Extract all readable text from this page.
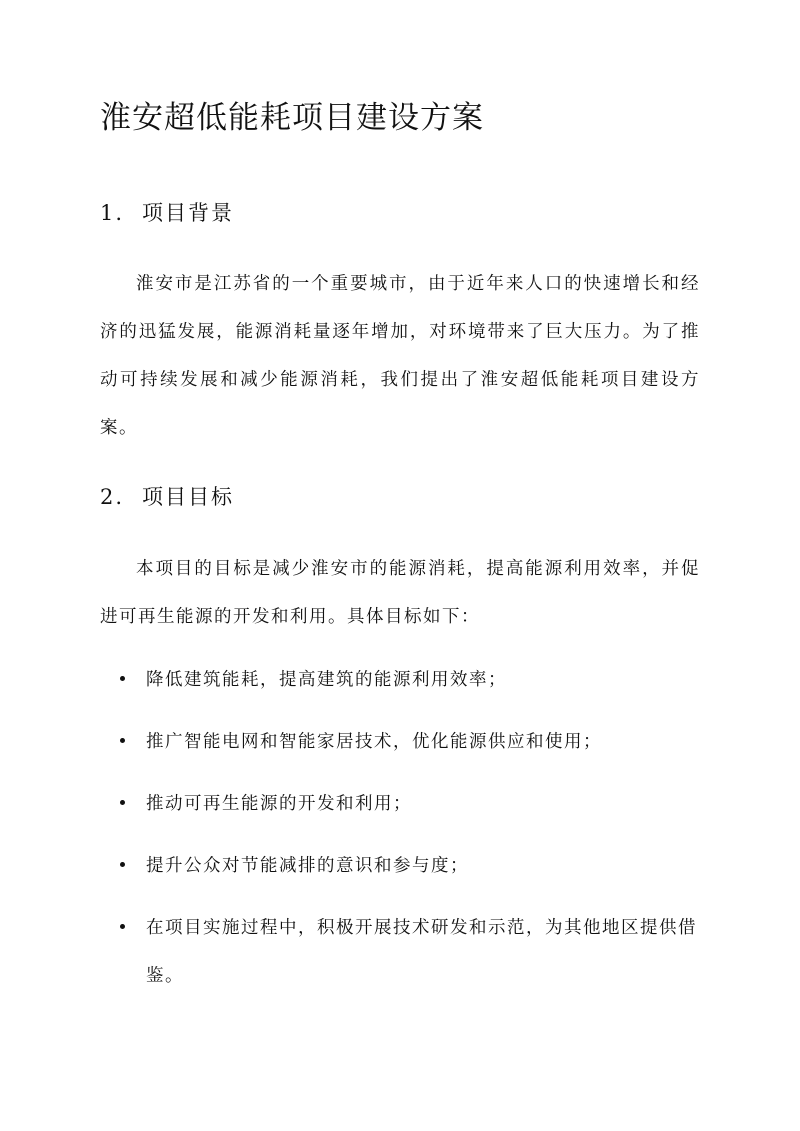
淮安超低能耗项目建设方案
1. 项目背景

淮安市是江苏省的一个重要城市，由于近年来人口的快速增长和经济的迅猛发展，能源消耗量逐年增加，对环境带来了巨大压力。为了推动可持续发展和减少能源消耗，我们提出了淮安超低能耗项目建设方案。

2. 项目目标

本项目的目标是减少淮安市的能源消耗，提高能源利用效率，并促进可再生能源的开发和利用。具体目标如下：

降低建筑能耗，提高建筑的能源利用效率；
推广智能电网和智能家居技术，优化能源供应和使用；
推动可再生能源的开发和利用；
提升公众对节能减排的意识和参与度；
在项目实施过程中，积极开展技术研发和示范，为其他地区提供借鉴。
